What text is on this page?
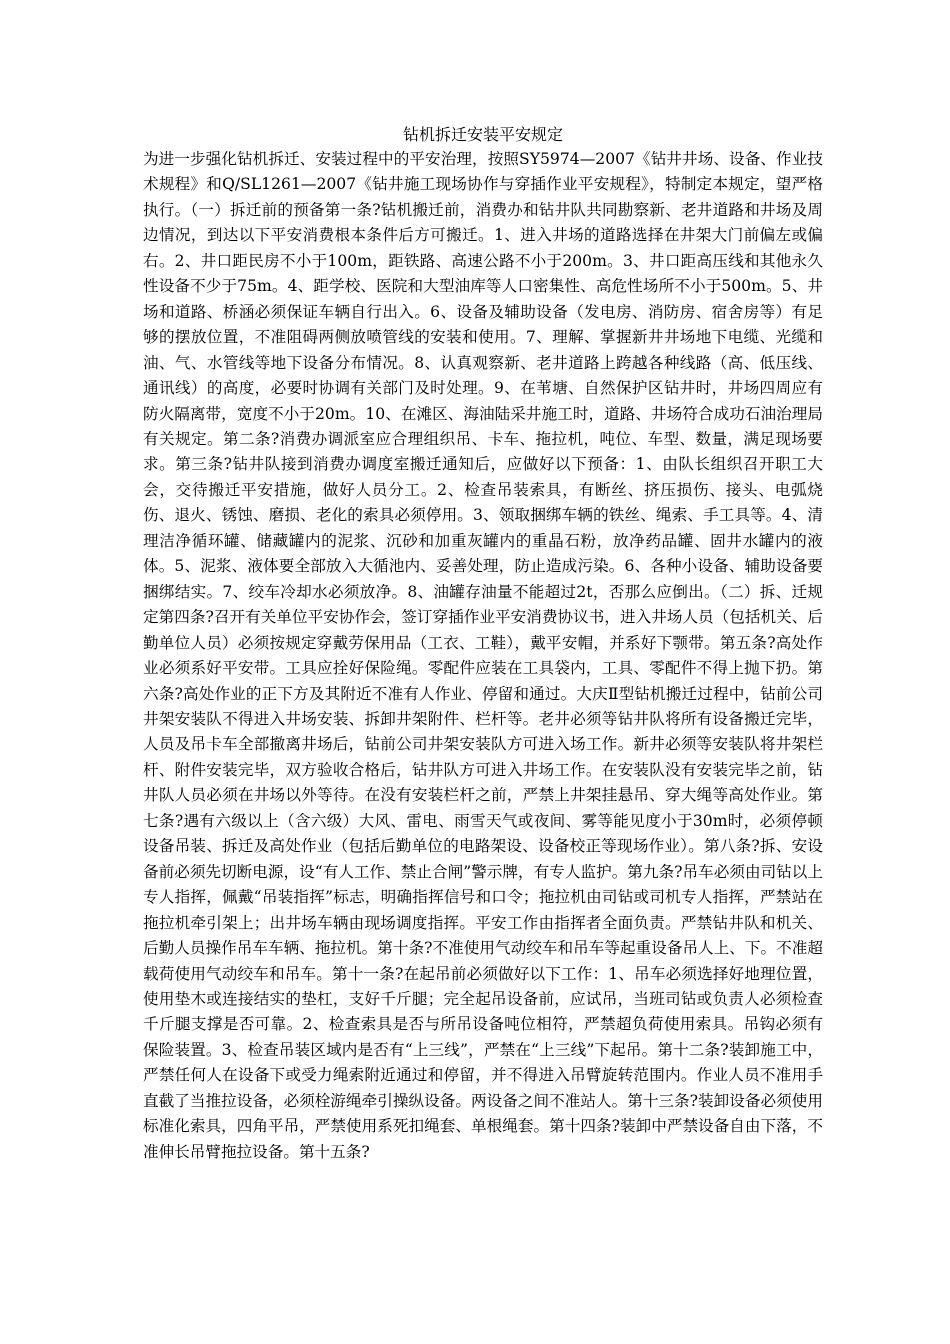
钻机拆迁安装平安规定

为进一步强化钻机拆迁、安装过程中的平安治理，按照SY5974—2007《钻井井场、设备、作业技术规程》和Q/SL1261—2007《钻井施工现场协作与穿插作业平安规程》，特制定本规定，望严格执行。（一）拆迁前的预备第一条?钻机搬迁前，消费办和钻井队共同勘察新、老井道路和井场及周边情况，到达以下平安消费根本条件后方可搬迁。1、进入井场的道路选择在井架大门前偏左或偏右。2、井口距民房不小于100m，距铁路、高速公路不小于200m。3、井口距高压线和其他永久性设备不少于75m。4、距学校、医院和大型油库等人口密集性、高危性场所不小于500m。5、井场和道路、桥涵必须保证车辆自行出入。6、设备及辅助设备（发电房、消防房、宿舍房等）有足够的摆放位置，不准阻碍两侧放喷管线的安装和使用。7、理解、掌握新井井场地下电缆、光缆和油、气、水管线等地下设备分布情况。8、认真观察新、老井道路上跨越各种线路（高、低压线、通讯线）的高度，必要时协调有关部门及时处理。9、在苇塘、自然保护区钻井时，井场四周应有防火隔离带，宽度不小于20m。10、在滩区、海油陆采井施工时，道路、井场符合成功石油治理局有关规定。第二条?消费办调派室应合理组织吊、卡车、拖拉机，吨位、车型、数量，满足现场要求。第三条?钻井队接到消费办调度室搬迁通知后，应做好以下预备：1、由队长组织召开职工大会，交待搬迁平安措施，做好人员分工。2、检查吊装索具，有断丝、挤压损伤、接头、电弧烧伤、退火、锈蚀、磨损、老化的索具必须停用。3、领取捆绑车辆的铁丝、绳索、手工具等。4、清理洁净循环罐、储藏罐内的泥浆、沉砂和加重灰罐内的重晶石粉，放净药品罐、固井水罐内的液体。5、泥浆、液体要全部放入大循池内、妥善处理，防止造成污染。6、各种小设备、辅助设备要捆绑结实。7、绞车冷却水必须放净。8、油罐存油量不能超过2t，否那么应倒出。（二）拆、迁规定第四条?召开有关单位平安协作会，签订穿插作业平安消费协议书，进入井场人员（包括机关、后勤单位人员）必须按规定穿戴劳保用品（工衣、工鞋），戴平安帽，并系好下颚带。第五条?高处作业必须系好平安带。工具应拴好保险绳。零配件应装在工具袋内，工具、零配件不得上抛下扔。第六条?高处作业的正下方及其附近不准有人作业、停留和通过。大庆Ⅱ型钻机搬迁过程中，钻前公司井架安装队不得进入井场安装、拆卸井架附件、栏杆等。老井必须等钻井队将所有设备搬迁完毕，人员及吊卡车全部撤离井场后，钻前公司井架安装队方可进入场工作。新井必须等安装队将井架栏杆、附件安装完毕，双方验收合格后，钻井队方可进入井场工作。在安装队没有安装完毕之前，钻井队人员必须在井场以外等待。在没有安装栏杆之前，严禁上井架挂悬吊、穿大绳等高处作业。第七条?遇有六级以上（含六级）大风、雷电、雨雪天气或夜间、雾等能见度小于30m时，必须停顿设备吊装、拆迁及高处作业（包括后勤单位的电路架设、设备校正等现场作业）。第八条?拆、安设备前必须先切断电源，设“有人工作、禁止合闸”警示牌，有专人监护。第九条?吊车必须由司钻以上专人指挥，佩戴“吊装指挥”标志，明确指挥信号和口令；拖拉机由司钻或司机专人指挥，严禁站在拖拉机牵引架上；出井场车辆由现场调度指挥。平安工作由指挥者全面负责。严禁钻井队和机关、后勤人员操作吊车车辆、拖拉机。第十条?不准使用气动绞车和吊车等起重设备吊人上、下。不准超载荷使用气动绞车和吊车。第十一条?在起吊前必须做好以下工作：1、吊车必须选择好地理位置，使用垫木或连接结实的垫杠，支好千斤腿；完全起吊设备前，应试吊，当班司钻或负责人必须检查千斤腿支撑是否可靠。2、检查索具是否与所吊设备吨位相符，严禁超负荷使用索具。吊钩必须有保险装置。3、检查吊装区域内是否有“上三线”，严禁在“上三线”下起吊。第十二条?装卸施工中，严禁任何人在设备下或受力绳索附近通过和停留，并不得进入吊臂旋转范围内。作业人员不准用手直截了当推拉设备，必须栓游绳牵引操纵设备。两设备之间不准站人。第十三条?装卸设备必须使用标准化索具，四角平吊，严禁使用系死扣绳套、单根绳套。第十四条?装卸中严禁设备自由下落，不准伸长吊臂拖拉设备。第十五条?
